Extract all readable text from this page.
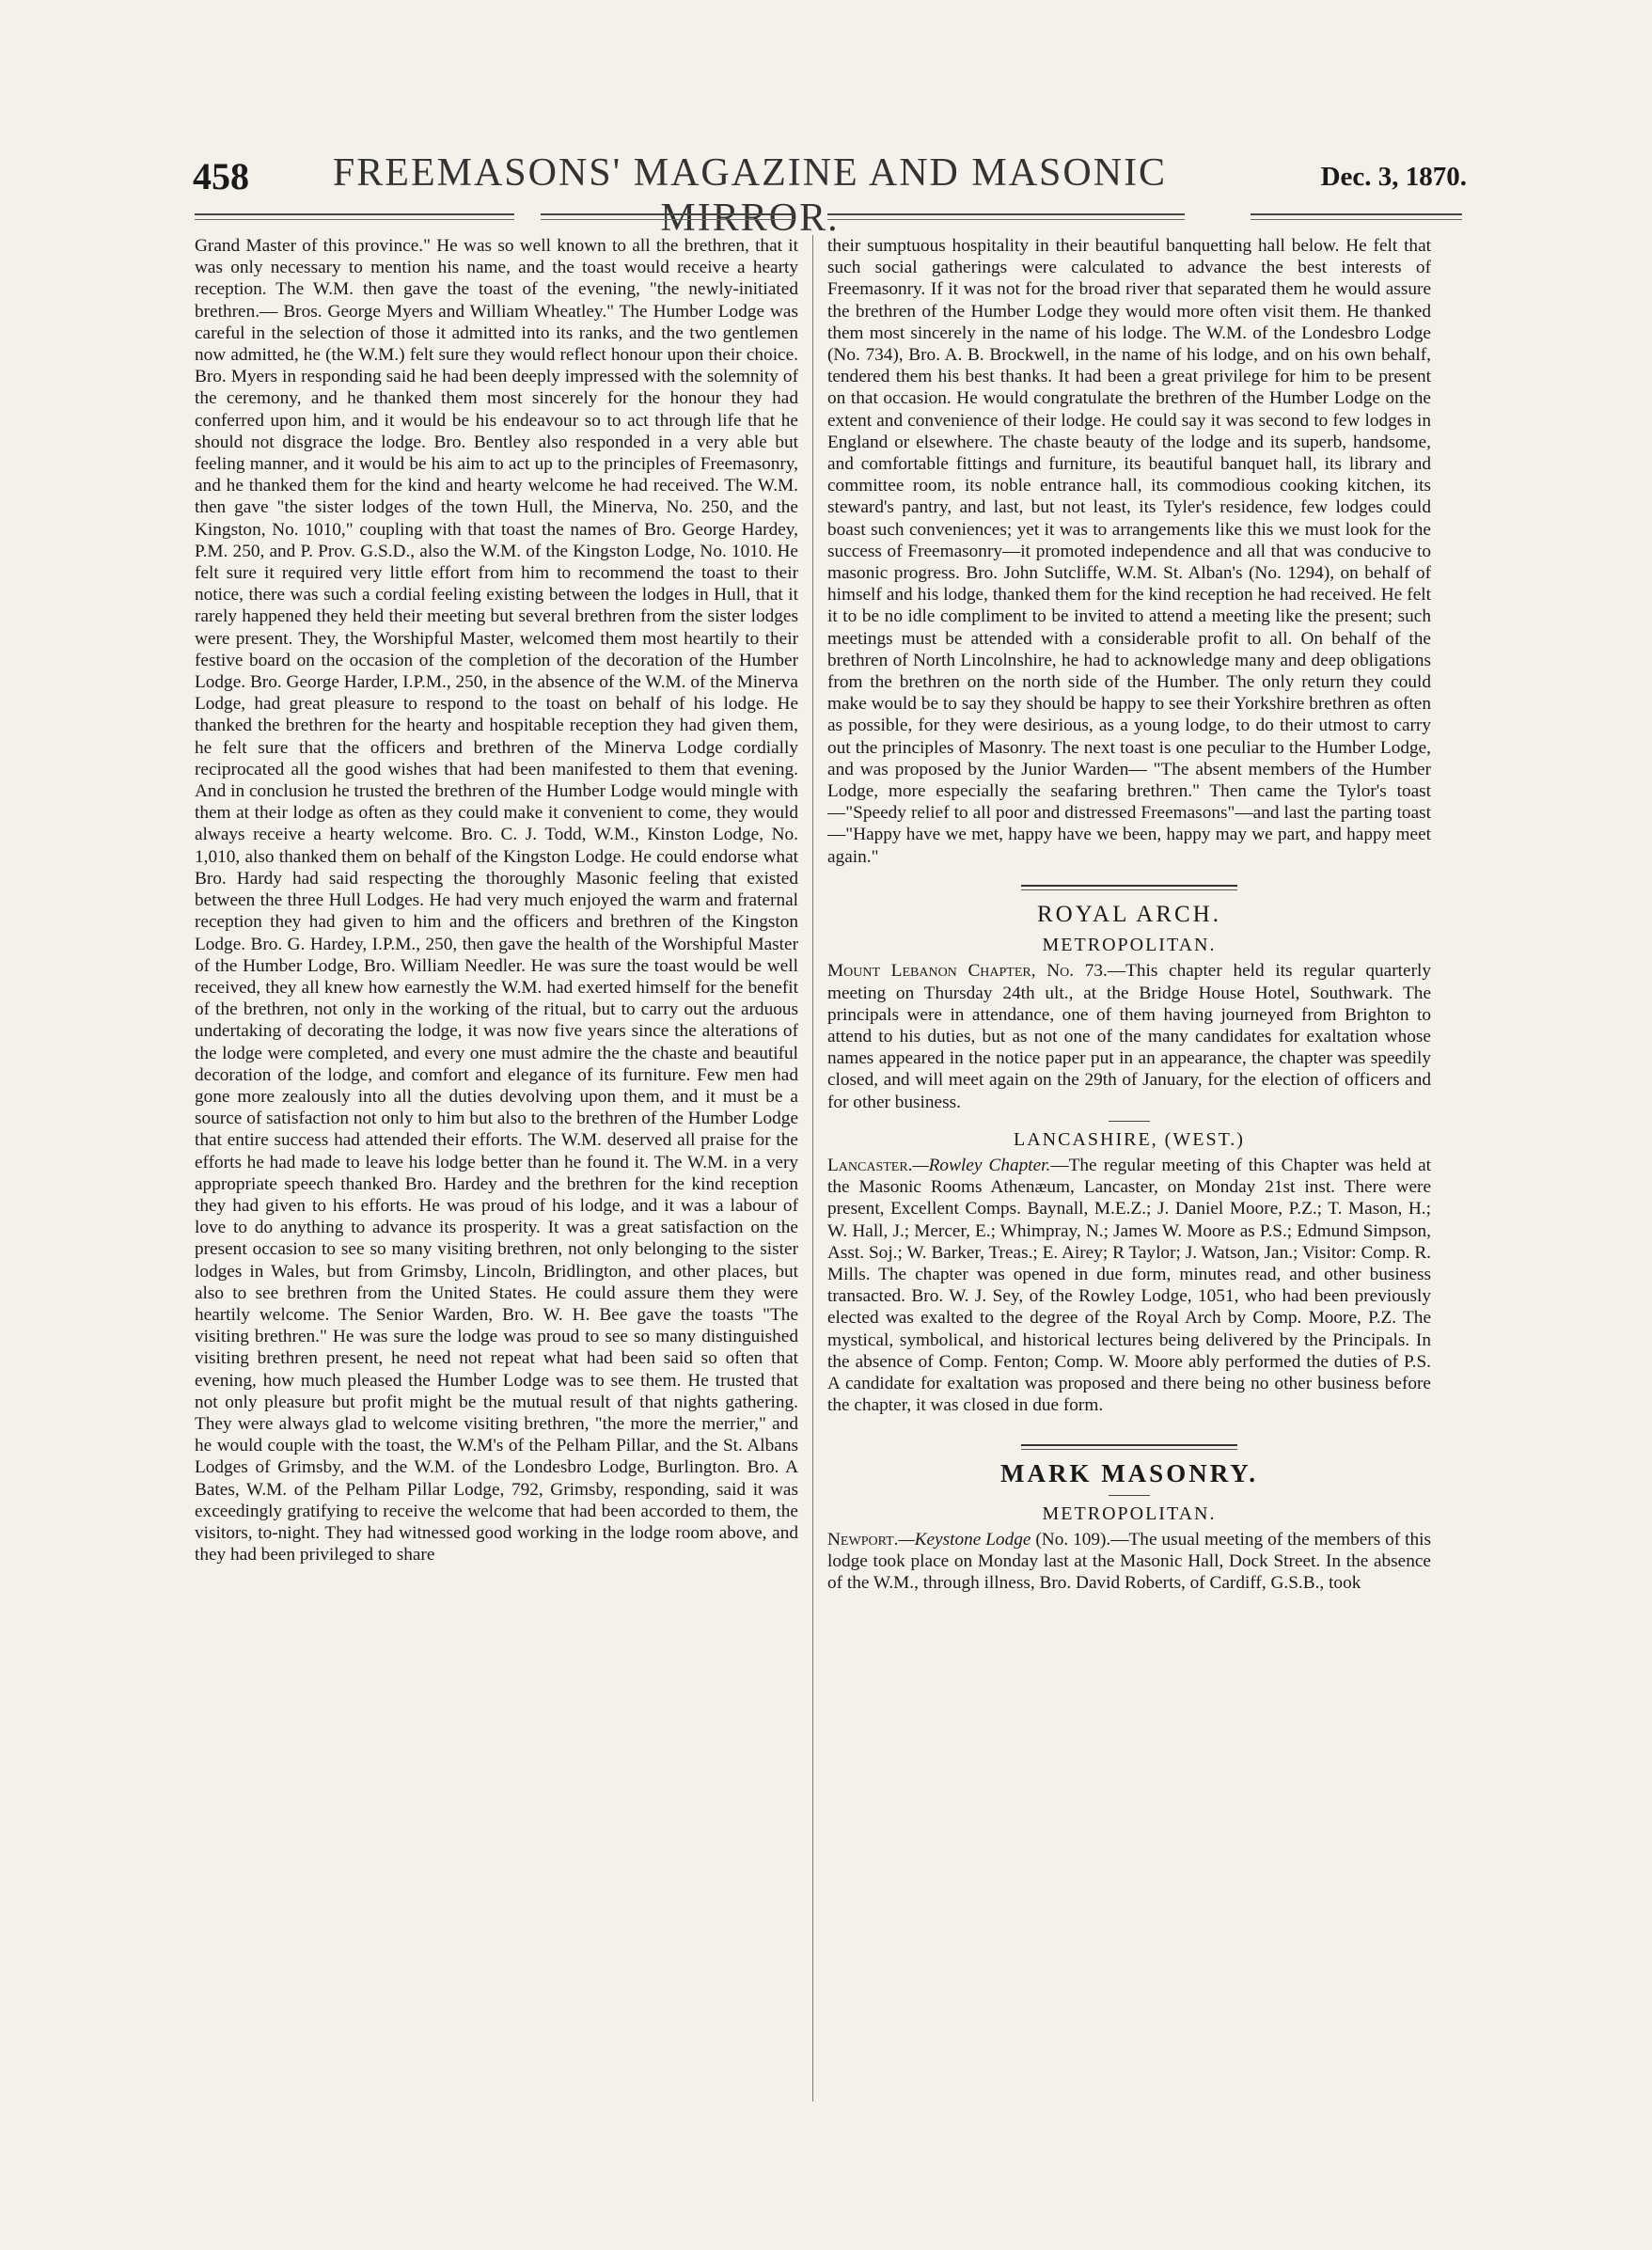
458	FREEMASONS' MAGAZINE AND MASONIC MIRROR.
Dec. 3, 1870.

Grand Master of this province." He was so well known to all the brethren, that it was only necessary to mention his name, and the toast would receive a hearty reception. The W.M. then gave the toast of the evening, "the newly-initiated brethren.— Bros. George Myers and William Wheatley." The Humber Lodge was careful in the selection of those it admitted into its ranks, and the two gentlemen now admitted, he (the W.M.) felt sure they would reflect honour upon their choice. Bro. Myers in responding said he had been deeply impressed with the solemnity of the ceremony, and he thanked them most sincerely for the honour they had conferred upon him, and it would be his endeavour so to act through life that he should not disgrace the lodge. Bro. Bentley also responded in a very able but feeling manner, and it would be his aim to act up to the principles of Freemasonry, and he thanked them for the kind and hearty welcome he had received. The W.M. then gave "the sister lodges of the town Hull, the Minerva, No. 250, and the Kingston, No. 1010," coupling with that toast the names of Bro. George Hardey, P.M. 250, and P. Prov. G.S.D., also the W.M. of the Kingston Lodge, No. 1010. He felt sure it required very little effort from him to recommend the toast to their notice, there was such a cordial feeling existing between the lodges in Hull, that it rarely happened they held their meeting but several brethren from the sister lodges were present. They, the Worshipful Master, welcomed them most heartily to their festive board on the occasion of the completion of the decoration of the Humber Lodge. Bro. George Harder, I.P.M., 250, in the absence of the W.M. of the Minerva Lodge, had great pleasure to respond to the toast on behalf of his lodge. He thanked the brethren for the hearty and hospitable reception they had given them, he felt sure that the officers and brethren of the Minerva Lodge cordially reciprocated all the good wishes that had been manifested to them that evening. And in conclusion he trusted the brethren of the Humber Lodge would mingle with them at their lodge as often as they could make it convenient to come, they would always receive a hearty welcome. Bro. C. J. Todd, W.M., Kinston Lodge, No. 1,010, also thanked them on behalf of the Kingston Lodge. He could endorse what Bro. Hardy had said respecting the thoroughly Masonic feeling that existed between the three Hull Lodges. He had very much enjoyed the warm and fraternal reception they had given to him and the officers and brethren of the Kingston Lodge. Bro. G. Hardey, I.P.M., 250, then gave the health of the Worshipful Master of the Humber Lodge, Bro. William Needler. He was sure the toast would be well received, they all knew how earnestly the W.M. had exerted himself for the benefit of the brethren, not only in the working of the ritual, but to carry out the arduous undertaking of decorating the lodge, it was now five years since the alterations of the lodge were completed, and every one must admire the the chaste and beautiful decoration of the lodge, and comfort and elegance of its furniture. Few men had gone more zealously into all the duties devolving upon them, and it must be a source of satisfaction not only to him but also to the brethren of the Humber Lodge that entire success had attended their efforts. The W.M. deserved all praise for the efforts he had made to leave his lodge better than he found it. The W.M. in a very appropriate speech thanked Bro. Hardey and the brethren for the kind reception they had given to his efforts. He was proud of his lodge, and it was a labour of love to do anything to advance its prosperity. It was a great satisfaction on the present occasion to see so many visiting brethren, not only belonging to the sister lodges in Wales, but from Grimsby, Lincoln, Bridlington, and other places, but also to see brethren from the United States. He could assure them they were heartily welcome. The Senior Warden, Bro. W. H. Bee gave the toasts "The visiting brethren." He was sure the lodge was proud to see so many distinguished visiting brethren present, he need not repeat what had been said so often that evening, how much pleased the Humber Lodge was to see them. He trusted that not only pleasure but profit might be the mutual result of that nights gathering. They were always glad to welcome visiting brethren, "the more the merrier," and he would couple with the toast, the W.M's of the Pelham Pillar, and the St. Albans Lodges of Grimsby, and the W.M. of the Londesbro Lodge, Burlington. Bro. A Bates, W.M. of the Pelham Pillar Lodge, 792, Grimsby, responding, said it was exceedingly gratifying to receive the welcome that had been accorded to them, the visitors, to-night. They had witnessed good working in the lodge room above, and they had been privileged to share

their sumptuous hospitality in their beautiful banquetting hall below. He felt that such social gatherings were calculated to advance the best interests of Freemasonry. If it was not for the broad river that separated them he would assure the brethren of the Humber Lodge they would more often visit them. He thanked them most sincerely in the name of his lodge. The W.M. of the Londesbro Lodge (No. 734), Bro. A. B. Brockwell, in the name of his lodge, and on his own behalf, tendered them his best thanks. It had been a great privilege for him to be present on that occasion. He would congratulate the brethren of the Humber Lodge on the extent and convenience of their lodge. He could say it was second to few lodges in England or elsewhere. The chaste beauty of the lodge and its superb, handsome, and comfortable fittings and furniture, its beautiful banquet hall, its library and committee room, its noble entrance hall, its commodious cooking kitchen, its steward's pantry, and last, but not least, its Tyler's residence, few lodges could boast such conveniences; yet it was to arrangements like this we must look for the success of Freemasonry—it promoted independence and all that was conducive to masonic progress. Bro. John Sutcliffe, W.M. St. Alban's (No. 1294), on behalf of himself and his lodge, thanked them for the kind reception he had received. He felt it to be no idle compliment to be invited to attend a meeting like the present; such meetings must be attended with a considerable profit to all. On behalf of the brethren of North Lincolnshire, he had to acknowledge many and deep obligations from the brethren on the north side of the Humber. The only return they could make would be to say they should be happy to see their Yorkshire brethren as often as possible, for they were desirious, as a young lodge, to do their utmost to carry out the principles of Masonry. The next toast is one peculiar to the Humber Lodge, and was proposed by the Junior Warden— "The absent members of the Humber Lodge, more especially the seafaring brethren." Then came the Tylor's toast—"Speedy relief to all poor and distressed Freemasons"—and last the parting toast—"Happy have we met, happy have we been, happy may we part, and happy meet again."

ROYAL ARCH.
METROPOLITAN.

Mount Lebanon Chapter, No. 73.—This chapter held its regular quarterly meeting on Thursday 24th ult., at the Bridge House Hotel, Southwark. The principals were in attendance, one of them having journeyed from Brighton to attend to his duties, but as not one of the many candidates for exaltation whose names appeared in the notice paper put in an appearance, the chapter was speedily closed, and will meet again on the 29th of January, for the election of officers and for other business.

LANCASHIRE, (WEST.)

Lancaster.—Rowley Chapter.—The regular meeting of this Chapter was held at the Masonic Rooms Athenæum, Lancaster, on Monday 21st inst. There were present, Excellent Comps. Baynall, M.E.Z.; J. Daniel Moore, P.Z.; T. Mason, H.; W. Hall, J.; Mercer, E.; Whimpray, N.; James W. Moore as P.S.; Edmund Simpson, Asst. Soj.; W. Barker, Treas.; E. Airey; R Taylor; J. Watson, Jan.; Visitor: Comp. R. Mills. The chapter was opened in due form, minutes read, and other business transacted. Bro. W. J. Sey, of the Rowley Lodge, 1051, who had been previously elected was exalted to the degree of the Royal Arch by Comp. Moore, P.Z. The mystical, symbolical, and historical lectures being delivered by the Principals. In the absence of Comp. Fenton; Comp. W. Moore ably performed the duties of P.S. A candidate for exaltation was proposed and there being no other business before the chapter, it was closed in due form.

MARK MASONRY.
METROPOLITAN.

Newport.—Keystone Lodge (No. 109).—The usual meeting of the members of this lodge took place on Monday last at the Masonic Hall, Dock Street. In the absence of the W.M., through illness, Bro. David Roberts, of Cardiff, G.S.B., took
